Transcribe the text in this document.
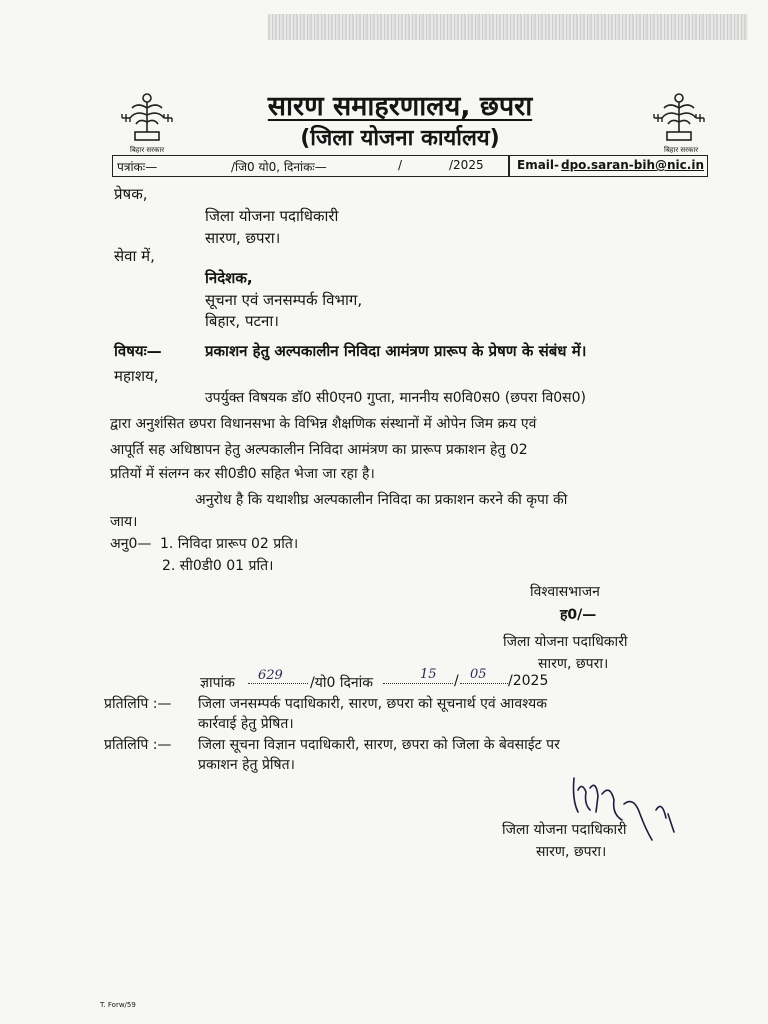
बिहार सरकार	बिहार सरकार
सारण समाहरणालय, छपरा
(जिला योजना कार्यालय)
पत्रांकः—	/जि0 यो0, दिनांकः—	/	/2025	Email- dpo.saran-bih@nic.in
प्रेषक,
जिला योजना पदाधिकारी
सारण, छपरा।
सेवा में,
निदेशक,
सूचना एवं जनसम्पर्क विभाग,
बिहार, पटना।
विषयः—	प्रकाशन हेतु अल्पकालीन निविदा आमंत्रण प्रारूप के प्रेषण के संबंध में।
महाशय,
उपर्युक्त विषयक डॉ0 सी0एन0 गुप्ता, माननीय स0वि0स0 (छपरा वि0स0)
द्वारा अनुशंसित छपरा विधानसभा के विभिन्न शैक्षणिक संस्थानों में ओपेन जिम क्रय एवं
आपूर्ति सह अधिष्ठापन हेतु अल्पकालीन निविदा आमंत्रण का प्रारूप प्रकाशन हेतु 02
प्रतियों में संलग्न कर सी0डी0 सहित भेजा जा रहा है।
अनुरोध है कि यथाशीघ्र अल्पकालीन निविदा का प्रकाशन करने की कृपा की
जाय।
अनु0— 1. निविदा प्रारूप 02 प्रति।
2. सी0डी0 01 प्रति।
विश्वासभाजन
ह0/—
जिला योजना पदाधिकारी
सारण, छपरा।
ज्ञापांक 629 /यो0 दिनांक
15 / 05 /2025
प्रतिलिपि :— जिला जनसम्पर्क पदाधिकारी, सारण, छपरा को सूचनार्थ एवं आवश्यक
कार्रवाई हेतु प्रेषित।
प्रतिलिपि :— जिला सूचना विज्ञान पदाधिकारी, सारण, छपरा को जिला के बेवसाईट पर
प्रकाशन हेतु प्रेषित।
जिला योजना पदाधिकारी
सारण, छपरा।
T. Forw/59
